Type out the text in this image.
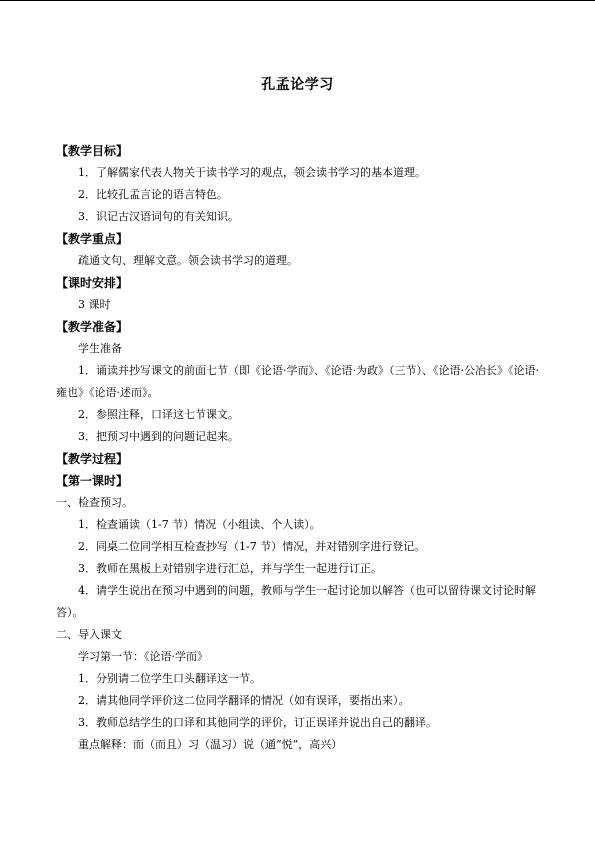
孔孟论学习
【教学目标】
1．了解儒家代表人物关于读书学习的观点，领会读书学习的基本道理。
2．比较孔孟言论的语言特色。
3．识记古汉语词句的有关知识。
【教学重点】
疏通文句、理解文意。领会读书学习的道理。
【课时安排】
3 课时
【教学准备】
学生准备
1．诵读并抄写课文的前面七节（即《论语·学而》、《论语·为政》（三节）、《论语·公冶长》《论语·雍也》《论语·述而》。
2．参照注释，口译这七节课文。
3．把预习中遇到的问题记起来。
【教学过程】
【第一课时】
一、检查预习。
1．检查诵读（1-7 节）情况（小组读、个人读）。
2．同桌二位同学相互检查抄写（1-7 节）情况，并对错别字进行登记。
3．教师在黑板上对错别字进行汇总，并与学生一起进行订正。
4．请学生说出在预习中遇到的问题，教师与学生一起讨论加以解答（也可以留待课文讨论时解答）。
二、导入课文
学习第一节：《论语·学而》
1．分别请二位学生口头翻译这一节。
2．请其他同学评价这二位同学翻译的情况（如有误译，要指出来）。
3．教师总结学生的口译和其他同学的评价，订正误译并说出自己的翻译。
重点解释：而（而且）习（温习）说（通“悦”，高兴）
